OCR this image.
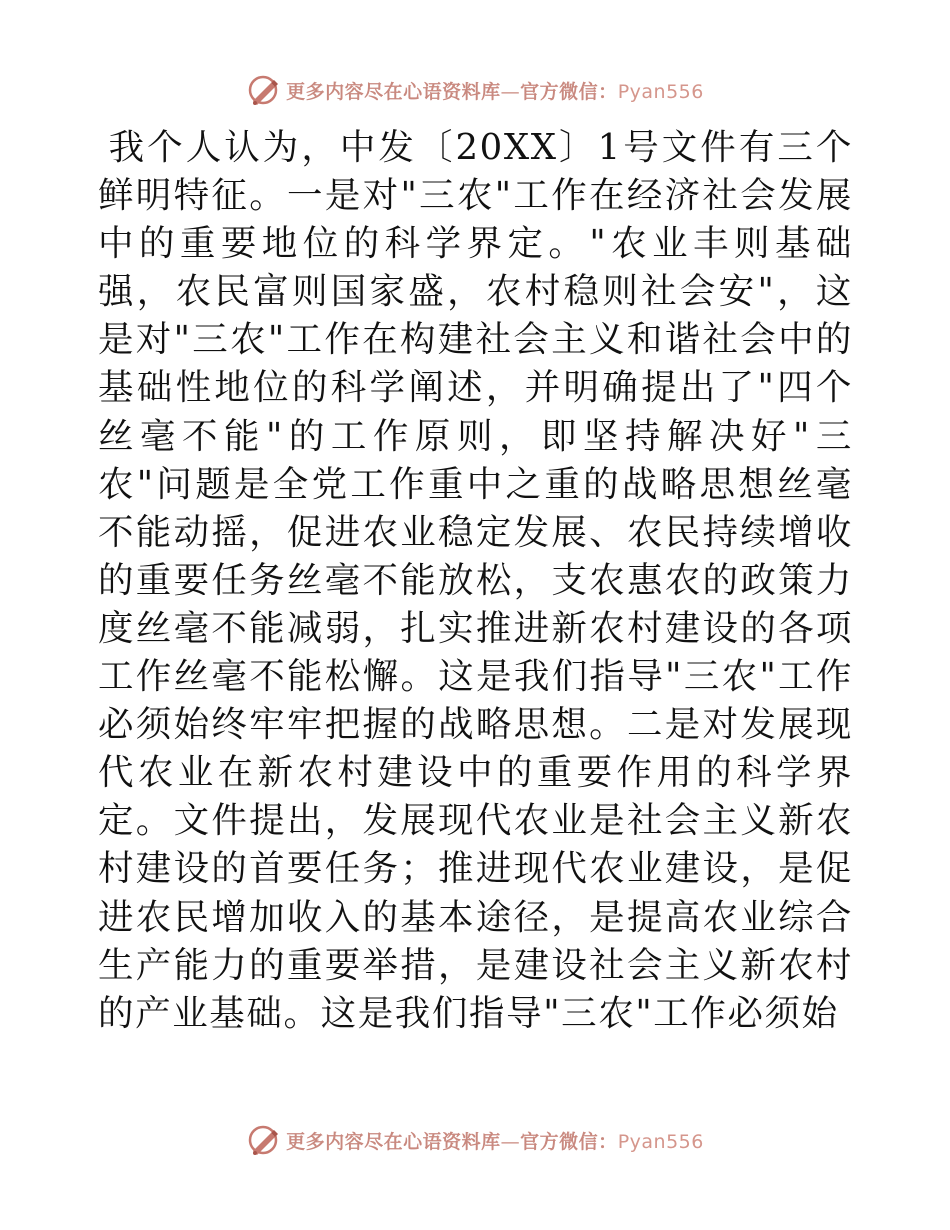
更多内容尽在心语资料库—官方微信：Pyan556

我个人认为，中发〔20XX〕1号文件有三个鲜明特征。一是对"三农"工作在经济社会发展中的重要地位的科学界定。"农业丰则基础强，农民富则国家盛，农村稳则社会安"，这是对"三农"工作在构建社会主义和谐社会中的基础性地位的科学阐述，并明确提出了"四个丝毫不能"的工作原则，即坚持解决好"三农"问题是全党工作重中之重的战略思想丝毫不能动摇，促进农业稳定发展、农民持续增收的重要任务丝毫不能放松，支农惠农的政策力度丝毫不能减弱，扎实推进新农村建设的各项工作丝毫不能松懈。这是我们指导"三农"工作必须始终牢牢把握的战略思想。二是对发展现代农业在新农村建设中的重要作用的科学界定。文件提出，发展现代农业是社会主义新农村建设的首要任务；推进现代农业建设，是促进农民增加收入的基本途径，是提高农业综合生产能力的重要举措，是建设社会主义新农村的产业基础。这是我们指导"三农"工作必须始

更多内容尽在心语资料库—官方微信：Pyan556
